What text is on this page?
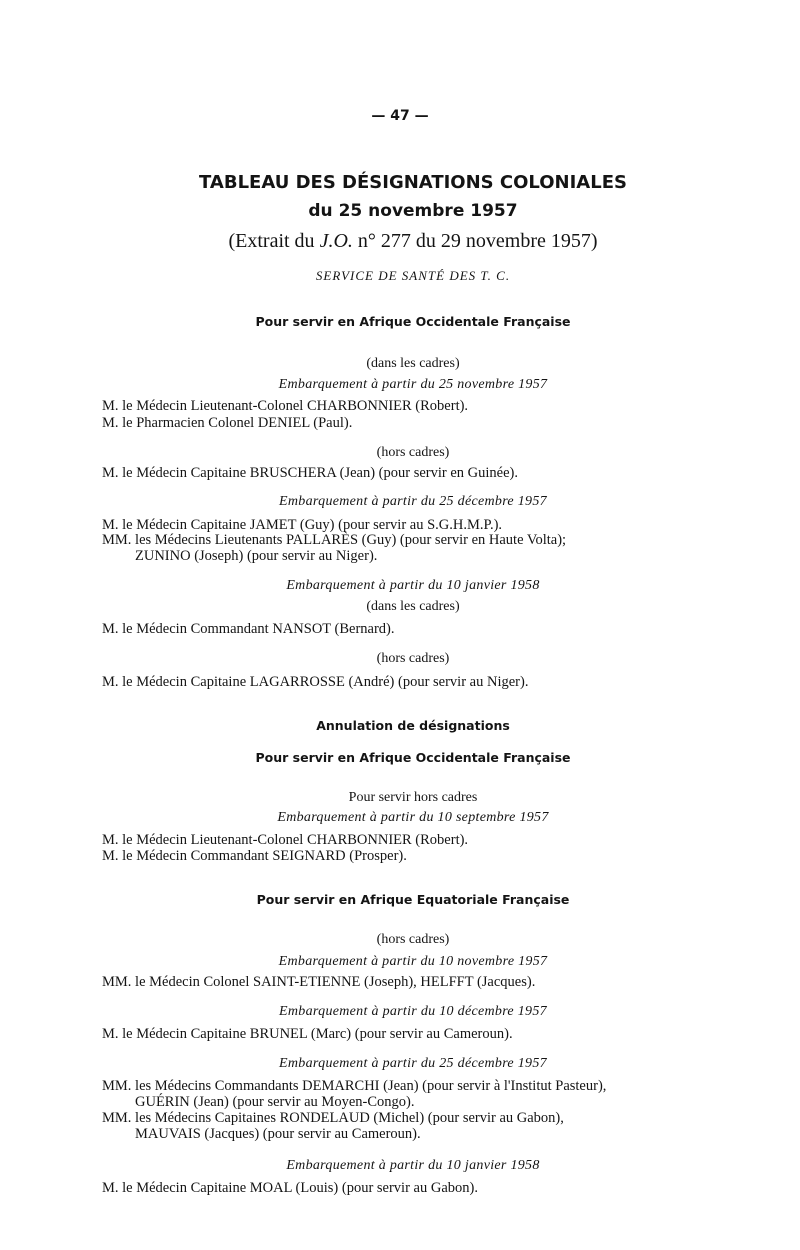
— 47 —
TABLEAU DES DÉSIGNATIONS COLONIALES
du 25 novembre 1957
(Extrait du J.O. n° 277 du 29 novembre 1957)
SERVICE DE SANTÉ DES T. C.
Pour servir en Afrique Occidentale Française
(dans les cadres)
Embarquement à partir du 25 novembre 1957
M. le Médecin Lieutenant-Colonel CHARBONNIER (Robert).
M. le Pharmacien Colonel DENIEL (Paul).
(hors cadres)
M. le Médecin Capitaine BRUSCHERA (Jean) (pour servir en Guinée).
Embarquement à partir du 25 décembre 1957
M. le Médecin Capitaine JAMET (Guy) (pour servir au S.G.H.M.P.).
MM. les Médecins Lieutenants PALLARÈS (Guy) (pour servir en Haute Volta);
ZUNINO (Joseph) (pour servir au Niger).
Embarquement à partir du 10 janvier 1958
(dans les cadres)
M. le Médecin Commandant NANSOT (Bernard).
(hors cadres)
M. le Médecin Capitaine LAGARROSSE (André) (pour servir au Niger).
Annulation de désignations
Pour servir en Afrique Occidentale Française
Pour servir hors cadres
Embarquement à partir du 10 septembre 1957
M. le Médecin Lieutenant-Colonel CHARBONNIER (Robert).
M. le Médecin Commandant SEIGNARD (Prosper).
Pour servir en Afrique Equatoriale Française
(hors cadres)
Embarquement à partir du 10 novembre 1957
MM. le Médecin Colonel SAINT-ETIENNE (Joseph), HELFFT (Jacques).
Embarquement à partir du 10 décembre 1957
M. le Médecin Capitaine BRUNEL (Marc) (pour servir au Cameroun).
Embarquement à partir du 25 décembre 1957
MM. les Médecins Commandants DEMARCHI (Jean) (pour servir à l'Institut Pasteur),
GUÉRIN (Jean) (pour servir au Moyen-Congo).
MM. les Médecins Capitaines RONDELAUD (Michel) (pour servir au Gabon),
MAUVAIS (Jacques) (pour servir au Cameroun).
Embarquement à partir du 10 janvier 1958
M. le Médecin Capitaine MOAL (Louis) (pour servir au Gabon).
